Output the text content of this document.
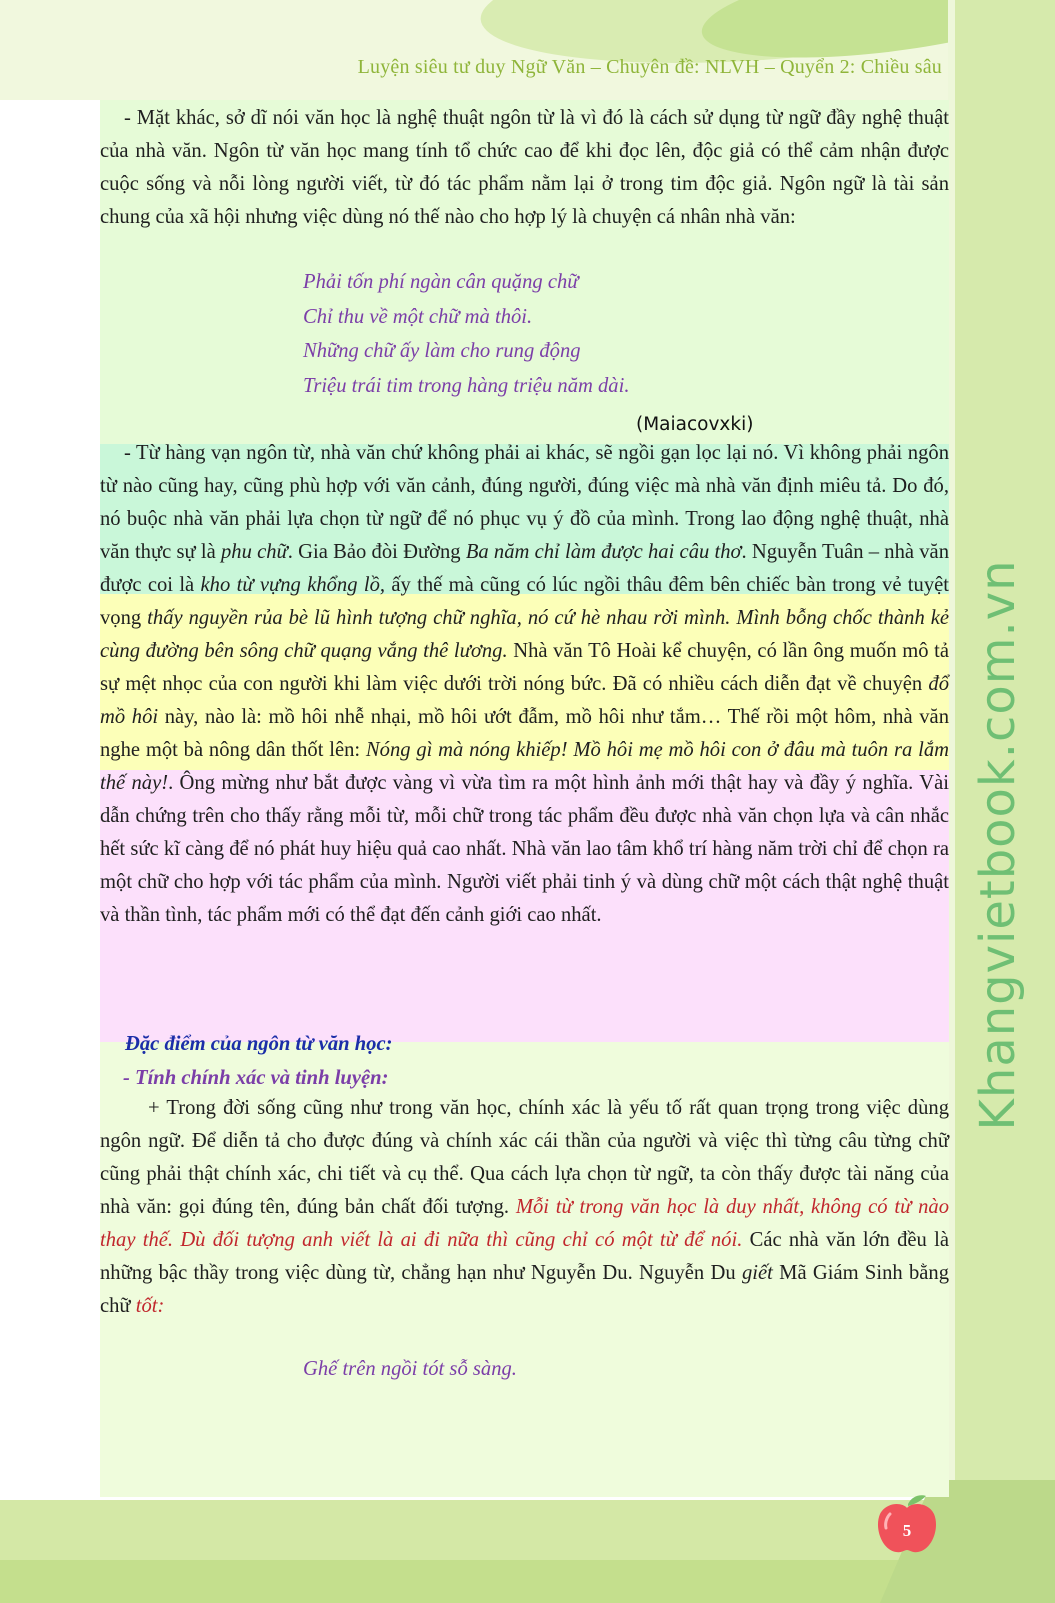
Luyện siêu tư duy Ngữ Văn – Chuyên đề: NLVH – Quyển 2: Chiều sâu
Khangvietbook.com.vn

- Mặt khác, sở dĩ nói văn học là nghệ thuật ngôn từ là vì đó là cách sử dụng từ ngữ đầy nghệ thuật của nhà văn. Ngôn từ văn học mang tính tổ chức cao để khi đọc lên, độc giả có thể cảm nhận được cuộc sống và nỗi lòng người viết, từ đó tác phẩm nằm lại ở trong tim độc giả. Ngôn ngữ là tài sản chung của xã hội nhưng việc dùng nó thế nào cho hợp lý là chuyện cá nhân nhà văn:

Phải tốn phí ngàn cân quặng chữ
Chỉ thu về một chữ mà thôi.
Những chữ ấy làm cho rung động
Triệu trái tim trong hàng triệu năm dài.
(Maiacovxki)

- Từ hàng vạn ngôn từ, nhà văn chứ không phải ai khác, sẽ ngồi gạn lọc lại nó. Vì không phải ngôn từ nào cũng hay, cũng phù hợp với văn cảnh, đúng người, đúng việc mà nhà văn định miêu tả. Do đó, nó buộc nhà văn phải lựa chọn từ ngữ để nó phục vụ ý đồ của mình. Trong lao động nghệ thuật, nhà văn thực sự là phu chữ. Gia Bảo đòi Đường Ba năm chỉ làm được hai câu thơ. Nguyễn Tuân – nhà văn được coi là kho từ vựng khổng lồ, ấy thế mà cũng có lúc ngồi thâu đêm bên chiếc bàn trong vẻ tuyệt vọng thấy nguyền rủa bè lũ hình tượng chữ nghĩa, nó cứ hè nhau rời mình. Mình bỗng chốc thành kẻ cùng đường bên sông chữ quạng vắng thê lương. Nhà văn Tô Hoài kể chuyện, có lần ông muốn mô tả sự mệt nhọc của con người khi làm việc dưới trời nóng bức. Đã có nhiều cách diễn đạt về chuyện đổ mồ hôi này, nào là: mồ hôi nhễ nhại, mồ hôi ướt đẫm, mồ hôi như tắm… Thế rồi một hôm, nhà văn nghe một bà nông dân thốt lên: Nóng gì mà nóng khiếp! Mồ hôi mẹ mồ hôi con ở đâu mà tuôn ra lắm thế này!. Ông mừng như bắt được vàng vì vừa tìm ra một hình ảnh mới thật hay và đầy ý nghĩa. Vài dẫn chứng trên cho thấy rằng mỗi từ, mỗi chữ trong tác phẩm đều được nhà văn chọn lựa và cân nhắc hết sức kĩ càng để nó phát huy hiệu quả cao nhất. Nhà văn lao tâm khổ trí hàng năm trời chỉ để chọn ra một chữ cho hợp với tác phẩm của mình. Người viết phải tinh ý và dùng chữ một cách thật nghệ thuật và thần tình, tác phẩm mới có thể đạt đến cảnh giới cao nhất.

Đặc điểm của ngôn từ văn học:
- Tính chính xác và tinh luyện:

+ Trong đời sống cũng như trong văn học, chính xác là yếu tố rất quan trọng trong việc dùng ngôn ngữ. Để diễn tả cho được đúng và chính xác cái thần của người và việc thì từng câu từng chữ cũng phải thật chính xác, chi tiết và cụ thể. Qua cách lựa chọn từ ngữ, ta còn thấy được tài năng của nhà văn: gọi đúng tên, đúng bản chất đối tượng. Mỗi từ trong văn học là duy nhất, không có từ nào thay thế. Dù đối tượng anh viết là ai đi nữa thì cũng chỉ có một từ để nói. Các nhà văn lớn đều là những bậc thầy trong việc dùng từ, chẳng hạn như Nguyễn Du. Nguyễn Du giết Mã Giám Sinh bằng chữ tốt:

Ghế trên ngồi tót sỗ sàng.
5
